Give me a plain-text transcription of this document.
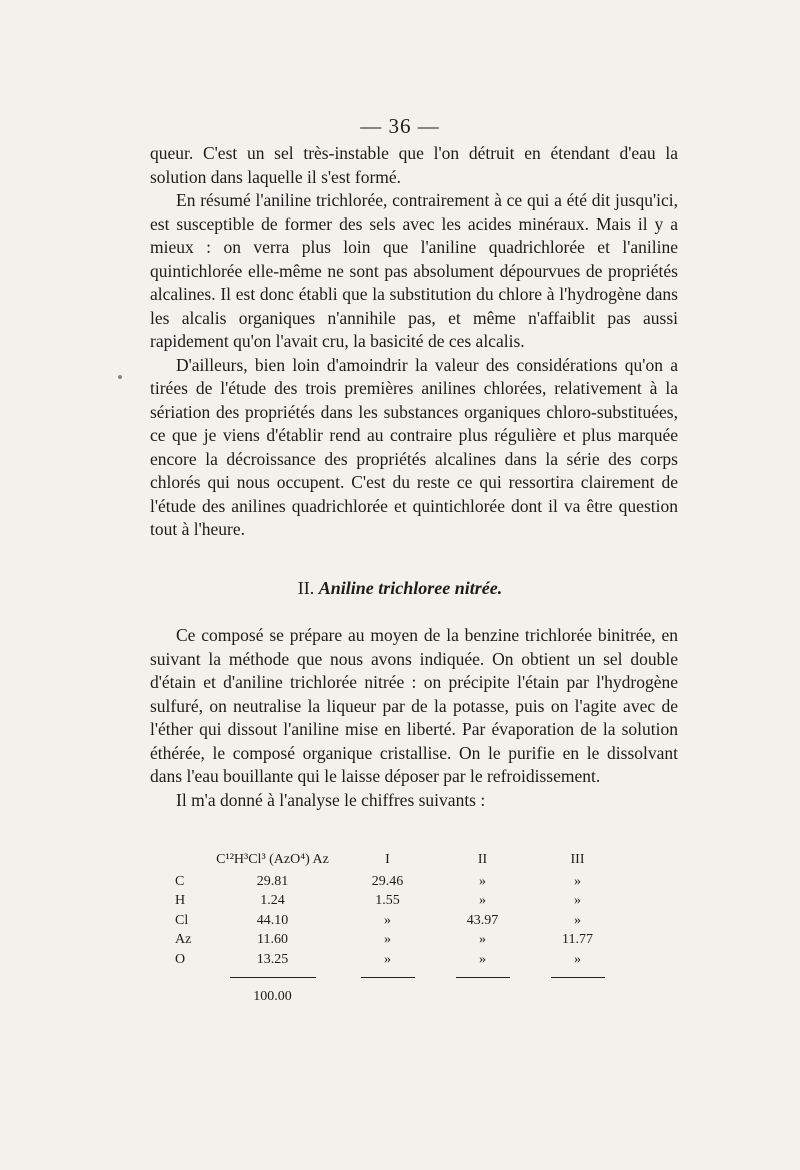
— 36 —

queur. C'est un sel très-instable que l'on détruit en étendant d'eau la solution dans laquelle il s'est formé.

En résumé l'aniline trichlorée, contrairement à ce qui a été dit jusqu'ici, est susceptible de former des sels avec les acides minéraux. Mais il y a mieux : on verra plus loin que l'aniline quadrichlorée et l'aniline quintichlorée elle-même ne sont pas absolument dépourvues de propriétés alcalines. Il est donc établi que la substitution du chlore à l'hydrogène dans les alcalis organiques n'annihile pas, et même n'affaiblit pas aussi rapidement qu'on l'avait cru, la basicité de ces alcalis.

D'ailleurs, bien loin d'amoindrir la valeur des considérations qu'on a tirées de l'étude des trois premières anilines chlorées, relativement à la sériation des propriétés dans les substances organiques chloro-substituées, ce que je viens d'établir rend au contraire plus régulière et plus marquée encore la décroissance des propriétés alcalines dans la série des corps chlorés qui nous occupent. C'est du reste ce qui ressortira clairement de l'étude des anilines quadrichlorée et quintichlorée dont il va être question tout à l'heure.

II. Aniline trichloree nitrée.

Ce composé se prépare au moyen de la benzine trichlorée binitrée, en suivant la méthode que nous avons indiquée. On obtient un sel double d'étain et d'aniline trichlorée nitrée : on précipite l'étain par l'hydrogène sulfuré, on neutralise la liqueur par de la potasse, puis on l'agite avec de l'éther qui dissout l'aniline mise en liberté. Par évaporation de la solution éthérée, le composé organique cristallise. On le purifie en le dissolvant dans l'eau bouillante qui le laisse déposer par le refroidissement.

Il m'a donné à l'analyse le chiffres suivants :

	C¹²H³Cl³ (AzO⁴) Az	I	II	III
C	29.81	29.46	»	»
H	1.24	1.55	»	»
Cl	44.10	»	43.97	»
Az	11.60	»	»	11.77
O	13.25	»	»	»

	100.00			
